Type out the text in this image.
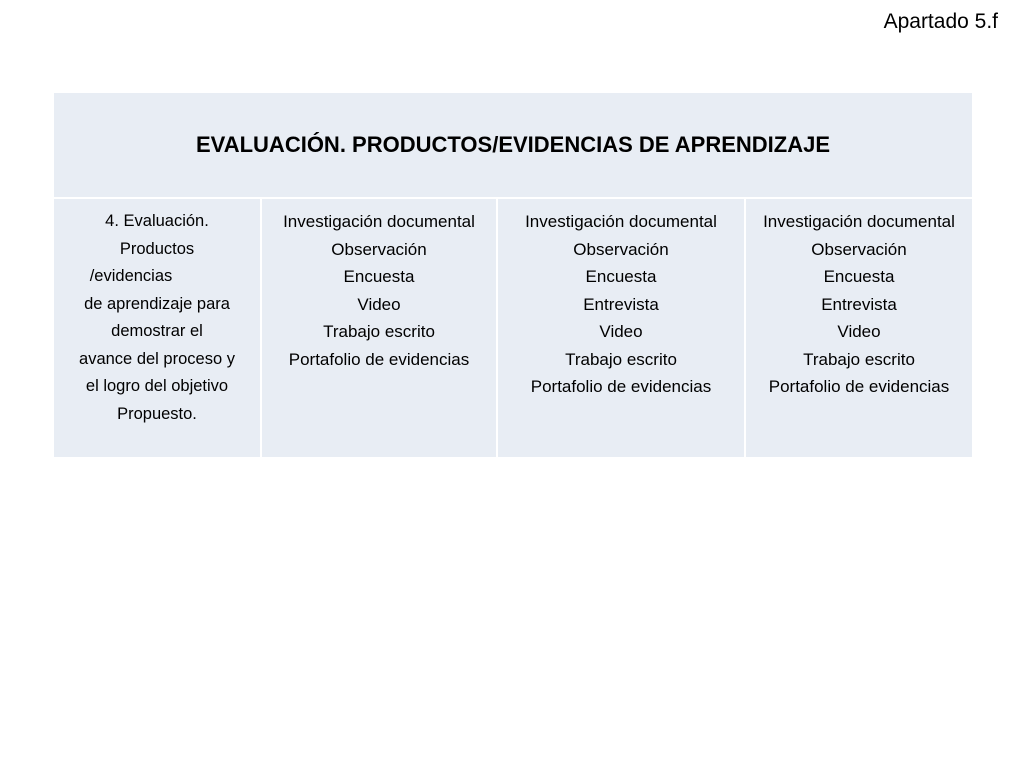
Apartado 5.f
EVALUACIÓN. PRODUCTOS/EVIDENCIAS DE APRENDIZAJE

4. Evaluación.
Productos
/evidencias
de aprendizaje para
demostrar el
avance del proceso y
el logro del objetivo
Propuesto.

Investigación documental
Observación
Encuesta
Video
Trabajo escrito
Portafolio de evidencias

Investigación documental
Observación
Encuesta
Entrevista
Video
Trabajo escrito
Portafolio de evidencias

Investigación documental
Observación
Encuesta
Entrevista
Video
Trabajo escrito
Portafolio de evidencias
